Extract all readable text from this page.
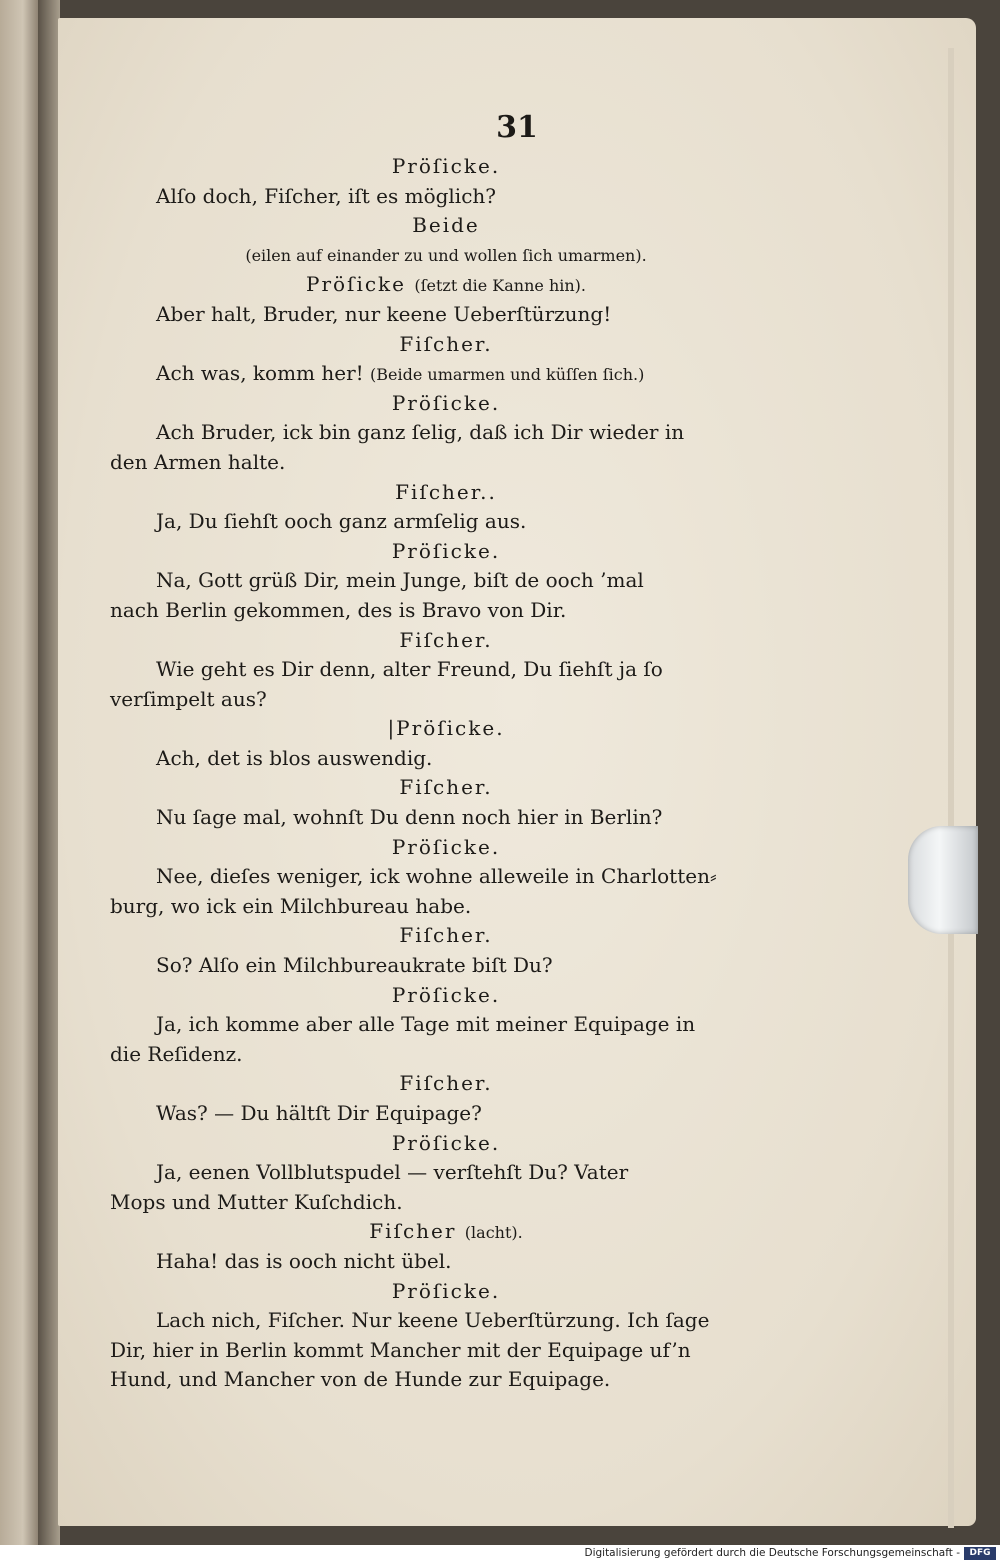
31
Pröſicke.
Alſo doch, Fiſcher, iſt es möglich?
Beide
(eilen auf einander zu und wollen ſich umarmen).
Pröſicke (ſetzt die Kanne hin).
Aber halt, Bruder, nur keene Ueberſtürzung!
Fiſcher.
Ach was, komm her! (Beide umarmen und küſſen ſich.)
Pröſicke.
Ach Bruder, ick bin ganz ſelig, daß ich Dir wieder in
den Armen halte.
Fiſcher..
Ja, Du ſiehſt ooch ganz armſelig aus.
Pröſicke.
Na, Gott grüß Dir, mein Junge, biſt de ooch ’mal
nach Berlin gekommen, des is Bravo von Dir.
Fiſcher.
Wie geht es Dir denn, alter Freund, Du ſiehſt ja ſo
verſimpelt aus?
|Pröſicke.
Ach, det is blos auswendig.
Fiſcher.
Nu ſage mal, wohnſt Du denn noch hier in Berlin?
Pröſicke.
Nee, dieſes weniger, ick wohne alleweile in Charlotten⸗
burg, wo ick ein Milchbureau habe.
Fiſcher.
So? Alſo ein Milchbureaukrate biſt Du?
Pröſicke.
Ja, ich komme aber alle Tage mit meiner Equipage in
die Reſidenz.
Fiſcher.
Was? — Du hältſt Dir Equipage?
Pröſicke.
Ja, eenen Vollblutspudel — verſtehſt Du? Vater
Mops und Mutter Kuſchdich.
Fiſcher (lacht).
Haha! das is ooch nicht übel.
Pröſicke.
Lach nich, Fiſcher. Nur keene Ueberſtürzung. Ich ſage
Dir, hier in Berlin kommt Mancher mit der Equipage uf’n
Hund, und Mancher von de Hunde zur Equipage.
Digitalisierung gefördert durch die Deutsche Forschungsgemeinschaft -	DFG
